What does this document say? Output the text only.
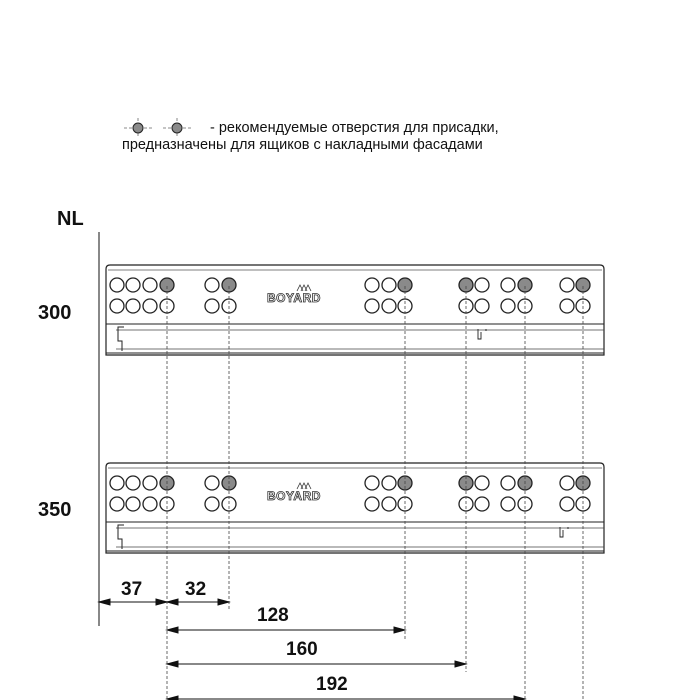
- рекомендуемые отверстия для присадки,
предназначены для ящиков с накладными фасадами
NL
BOYARD
BOYARD
300
350
37 32
128
160
192
